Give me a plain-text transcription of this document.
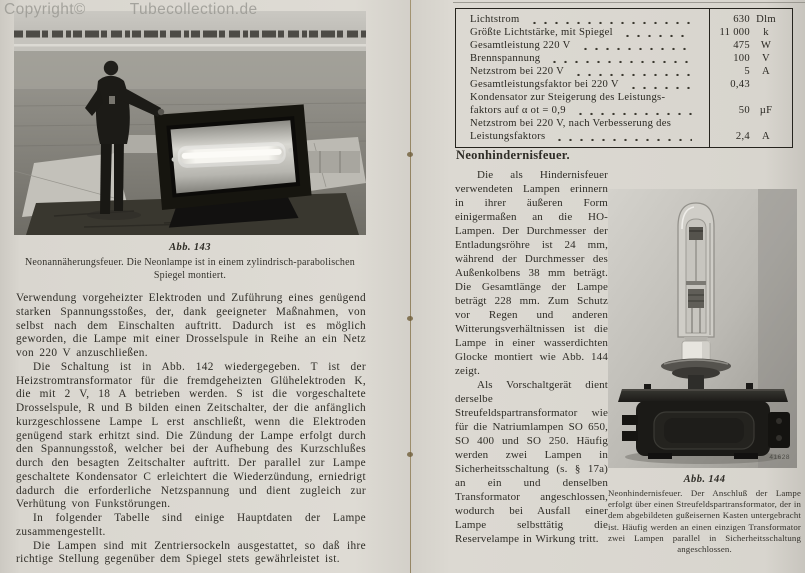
Copyright©	Tubecollection.de
Abb. 143
Neonannäherungsfeuer. Die Neonlampe ist in einem zylindrisch-parabolischen Spiegel montiert.

Verwendung vorgeheizter Elektroden und Zuführung eines genügend starken Spannungsstoßes, der, dank geeigneter Maßnahmen, von selbst nach dem Einschalten auftritt. Dadurch ist es möglich geworden, die Lampe mit einer Drosselspule in Reihe an ein Netz von 220 V anzuschließen.

Die Schaltung ist in Abb. 142 wiedergegeben. T ist der Heizstromtransformator für die fremdgeheizten Glühelektroden K, die mit 2 V, 18 A betrieben werden. S ist die vorgeschaltete Drosselspule, R und B bilden einen Zeitschalter, der die anfänglich kurzgeschlossene Lampe L erst anschließt, wenn die Elektroden genügend stark erhitzt sind. Die Zündung der Lampe erfolgt durch den Spannungsstoß, welcher bei der Aufhebung des Kurzschlußes durch den besagten Zeitschalter auftritt. Der parallel zur Lampe geschaltete Kondensator C erleichtert die Wiederzündung, erniedrigt dadurch die erforderliche Netzspannung und dient zugleich zur Verhütung von Funkstörungen.

In folgender Tabelle sind einige Hauptdaten der Lampe zusammengestellt.

Die Lampen sind mit Zentriersockeln ausgestattet, so daß ihre richtige Stellung gegenüber dem Spiegel stets gewährleistet ist.

Lichtstrom	630 Dlm
Größte Lichtstärke, mit Spiegel	11 000	k
Gesamtleistung 220 V	475	W
Brennspannung	100	V
Netzstrom bei 220 V	5	A
Gesamtleistungsfaktor bei 220 V	0,43
Kondensator zur Steigerung des Leistungs-
faktors auf α ot = 0,9	50 µF
Netzstrom bei 220 V, nach Verbesserung des
Leistungsfaktors	2,4	A
Neonhindernisfeuer.

Die als Hindernisfeuer verwendeten Lampen erinnern in ihrer äußeren Form einigermaßen an die HO-Lampen. Der Durchmesser der Entladungsröhre ist 24 mm, während der Durchmesser des Außenkolbens 38 mm beträgt. Die Gesamtlänge der Lampe beträgt 228 mm. Zum Schutz vor Regen und anderen Witterungsverhältnissen ist die Lampe in einer wasserdichten Glocke montiert wie Abb. 144 zeigt.

Als Vorschaltgerät dient derselbe Streufeldspartransformator wie für die Natriumlampen SO 650, SO 400 und SO 250. Häufig werden zwei Lampen in Sicherheitsschaltung (s. § 17a) an ein und denselben Transformator angeschlossen, wodurch bei Ausfall einer Lampe selbsttätig die Reservelampe in Wirkung tritt.

41628
Abb. 144
Neonhindernisfeuer. Der Anschluß der Lampe erfolgt über einen Streufeldspartransformator, der in dem abgebildeten gußeisernen Kasten untergebracht ist. Häufig werden an einen einzigen Transformator zwei Lampen parallel in Sicherheitsschaltung angeschlossen.
